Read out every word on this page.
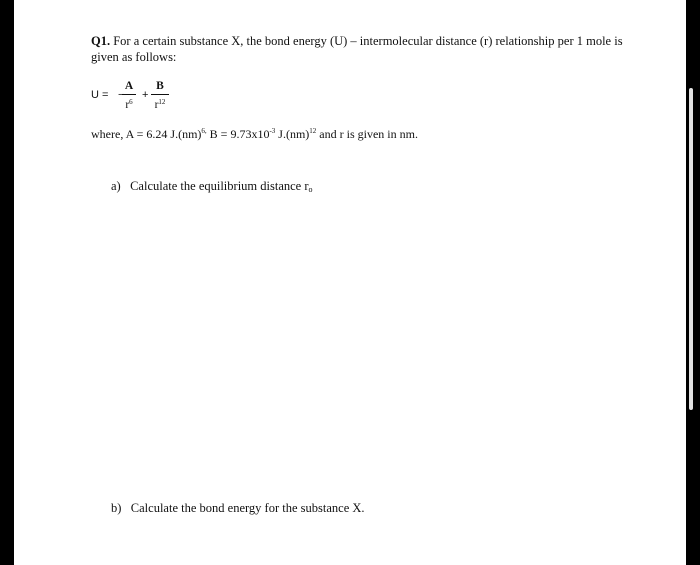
Q1. For a certain substance X, the bond energy (U) – intermolecular distance (r) relationship per 1 mole is given as follows:
U = −
A
$r^6$
+
B
$r^{12}$
where, A = 6.24 J.(nm)$^{6,}$ $B = 9.73x10^{-3}$ J.(nm)$^{12}$ and r is given in nm.
a) Calculate the equilibrium distance ro
b) Calculate the bond energy for the substance X.
